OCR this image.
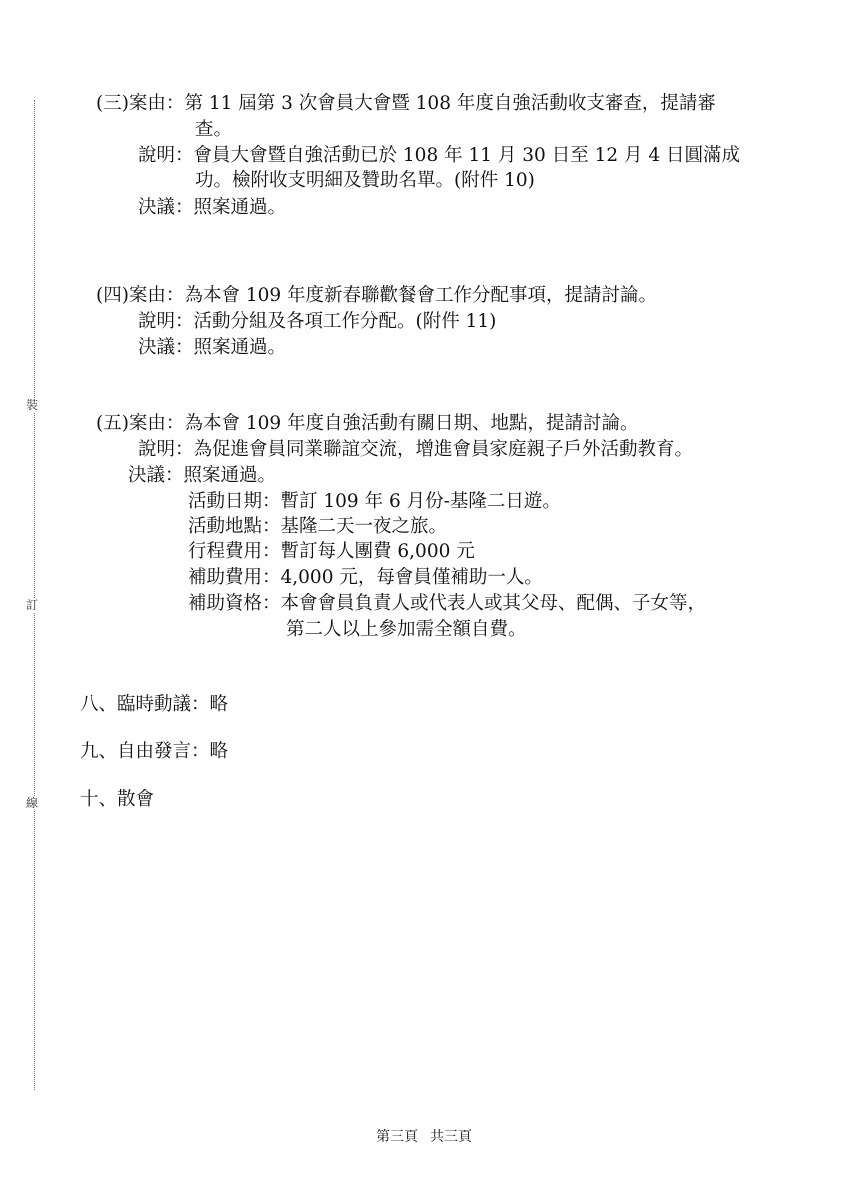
裝
訂
線
(三)案由：第 11 屆第 3 次會員大會暨 108 年度自強活動收支審查，提請審
查。
說明：會員大會暨自強活動已於 108 年 11 月 30 日至 12 月 4 日圓滿成
功。檢附收支明細及贊助名單。(附件 10)
決議：照案通過。
(四)案由：為本會 109 年度新春聯歡餐會工作分配事項，提請討論。
說明：活動分組及各項工作分配。(附件 11)
決議：照案通過。
(五)案由：為本會 109 年度自強活動有關日期、地點，提請討論。
說明：為促進會員同業聯誼交流，增進會員家庭親子戶外活動教育。
決議：照案通過。
活動日期：暫訂 109 年 6 月份-基隆二日遊。
活動地點：基隆二天一夜之旅。
行程費用：暫訂每人團費 6,000 元
補助費用：4,000 元，每會員僅補助一人。
補助資格：本會會員負責人或代表人或其父母、配偶、子女等，
第二人以上參加需全額自費。
八、臨時動議：略
九、自由發言：略
十、散會
第三頁 共三頁
